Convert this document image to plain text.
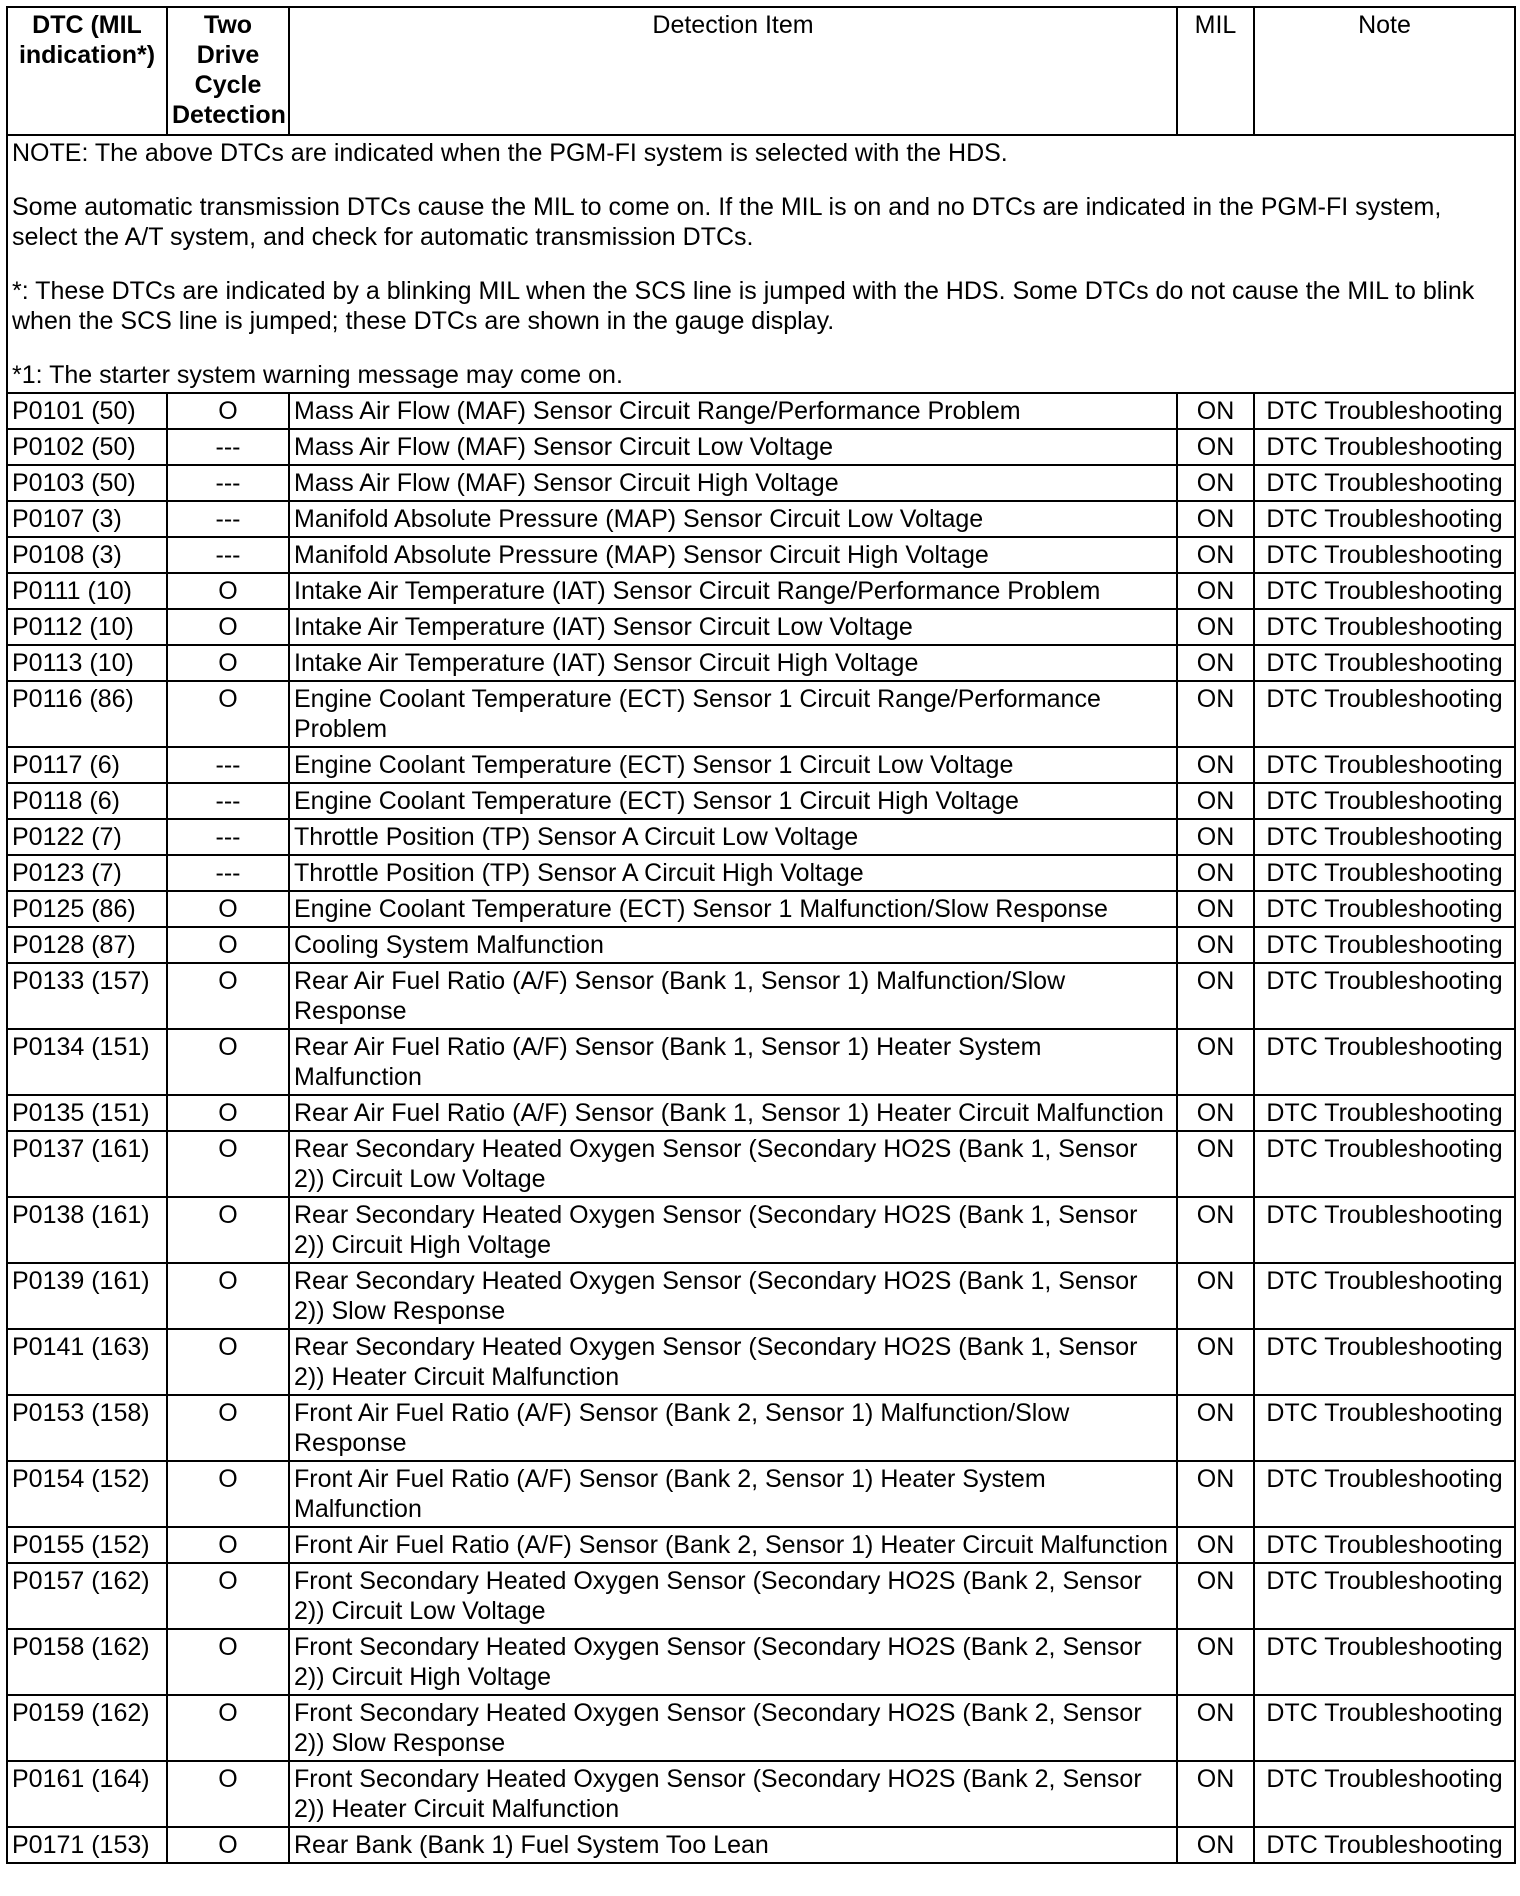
DTC (MIL indication*)	Two Drive Cycle Detection	Detection Item	MIL	Note

NOTE: The above DTCs are indicated when the PGM-FI system is selected with the HDS.
Some automatic transmission DTCs cause the MIL to come on. If the MIL is on and no DTCs are indicated in the PGM-FI system, select the A/T system, and check for automatic transmission DTCs.
*: These DTCs are indicated by a blinking MIL when the SCS line is jumped with the HDS. Some DTCs do not cause the MIL to blink when the SCS line is jumped; these DTCs are shown in the gauge display.
*1: The starter system warning message may come on.				

P0101 (50)	O	Mass Air Flow (MAF) Sensor Circuit Range/Performance Problem	ON	DTC Troubleshooting
P0102 (50)	---	Mass Air Flow (MAF) Sensor Circuit Low Voltage	ON	DTC Troubleshooting
P0103 (50)	---	Mass Air Flow (MAF) Sensor Circuit High Voltage	ON	DTC Troubleshooting
P0107 (3)	---	Manifold Absolute Pressure (MAP) Sensor Circuit Low Voltage	ON	DTC Troubleshooting
P0108 (3)	---	Manifold Absolute Pressure (MAP) Sensor Circuit High Voltage	ON	DTC Troubleshooting
P0111 (10)	O	Intake Air Temperature (IAT) Sensor Circuit Range/Performance Problem	ON	DTC Troubleshooting
P0112 (10)	O	Intake Air Temperature (IAT) Sensor Circuit Low Voltage	ON	DTC Troubleshooting
P0113 (10)	O	Intake Air Temperature (IAT) Sensor Circuit High Voltage	ON	DTC Troubleshooting
P0116 (86)	O	Engine Coolant Temperature (ECT) Sensor 1 Circuit Range/Performance Problem	ON	DTC Troubleshooting
P0117 (6)	---	Engine Coolant Temperature (ECT) Sensor 1 Circuit Low Voltage	ON	DTC Troubleshooting
P0118 (6)	---	Engine Coolant Temperature (ECT) Sensor 1 Circuit High Voltage	ON	DTC Troubleshooting
P0122 (7)	---	Throttle Position (TP) Sensor A Circuit Low Voltage	ON	DTC Troubleshooting
P0123 (7)	---	Throttle Position (TP) Sensor A Circuit High Voltage	ON	DTC Troubleshooting
P0125 (86)	O	Engine Coolant Temperature (ECT) Sensor 1 Malfunction/Slow Response	ON	DTC Troubleshooting
P0128 (87)	O	Cooling System Malfunction	ON	DTC Troubleshooting
P0133 (157)	O	Rear Air Fuel Ratio (A/F) Sensor (Bank 1, Sensor 1) Malfunction/Slow Response	ON	DTC Troubleshooting
P0134 (151)	O	Rear Air Fuel Ratio (A/F) Sensor (Bank 1, Sensor 1) Heater System Malfunction	ON	DTC Troubleshooting
P0135 (151)	O	Rear Air Fuel Ratio (A/F) Sensor (Bank 1, Sensor 1) Heater Circuit Malfunction	ON	DTC Troubleshooting
P0137 (161)	O	Rear Secondary Heated Oxygen Sensor (Secondary HO2S (Bank 1, Sensor 2)) Circuit Low Voltage	ON	DTC Troubleshooting
P0138 (161)	O	Rear Secondary Heated Oxygen Sensor (Secondary HO2S (Bank 1, Sensor 2)) Circuit High Voltage	ON	DTC Troubleshooting
P0139 (161)	O	Rear Secondary Heated Oxygen Sensor (Secondary HO2S (Bank 1, Sensor 2)) Slow Response	ON	DTC Troubleshooting
P0141 (163)	O	Rear Secondary Heated Oxygen Sensor (Secondary HO2S (Bank 1, Sensor 2)) Heater Circuit Malfunction	ON	DTC Troubleshooting
P0153 (158)	O	Front Air Fuel Ratio (A/F) Sensor (Bank 2, Sensor 1) Malfunction/Slow Response	ON	DTC Troubleshooting
P0154 (152)	O	Front Air Fuel Ratio (A/F) Sensor (Bank 2, Sensor 1) Heater System Malfunction	ON	DTC Troubleshooting
P0155 (152)	O	Front Air Fuel Ratio (A/F) Sensor (Bank 2, Sensor 1) Heater Circuit Malfunction	ON	DTC Troubleshooting
P0157 (162)	O	Front Secondary Heated Oxygen Sensor (Secondary HO2S (Bank 2, Sensor 2)) Circuit Low Voltage	ON	DTC Troubleshooting
P0158 (162)	O	Front Secondary Heated Oxygen Sensor (Secondary HO2S (Bank 2, Sensor 2)) Circuit High Voltage	ON	DTC Troubleshooting
P0159 (162)	O	Front Secondary Heated Oxygen Sensor (Secondary HO2S (Bank 2, Sensor 2)) Slow Response	ON	DTC Troubleshooting
P0161 (164)	O	Front Secondary Heated Oxygen Sensor (Secondary HO2S (Bank 2, Sensor 2)) Heater Circuit Malfunction	ON	DTC Troubleshooting
P0171 (153)	O	Rear Bank (Bank 1) Fuel System Too Lean	ON	DTC Troubleshooting
